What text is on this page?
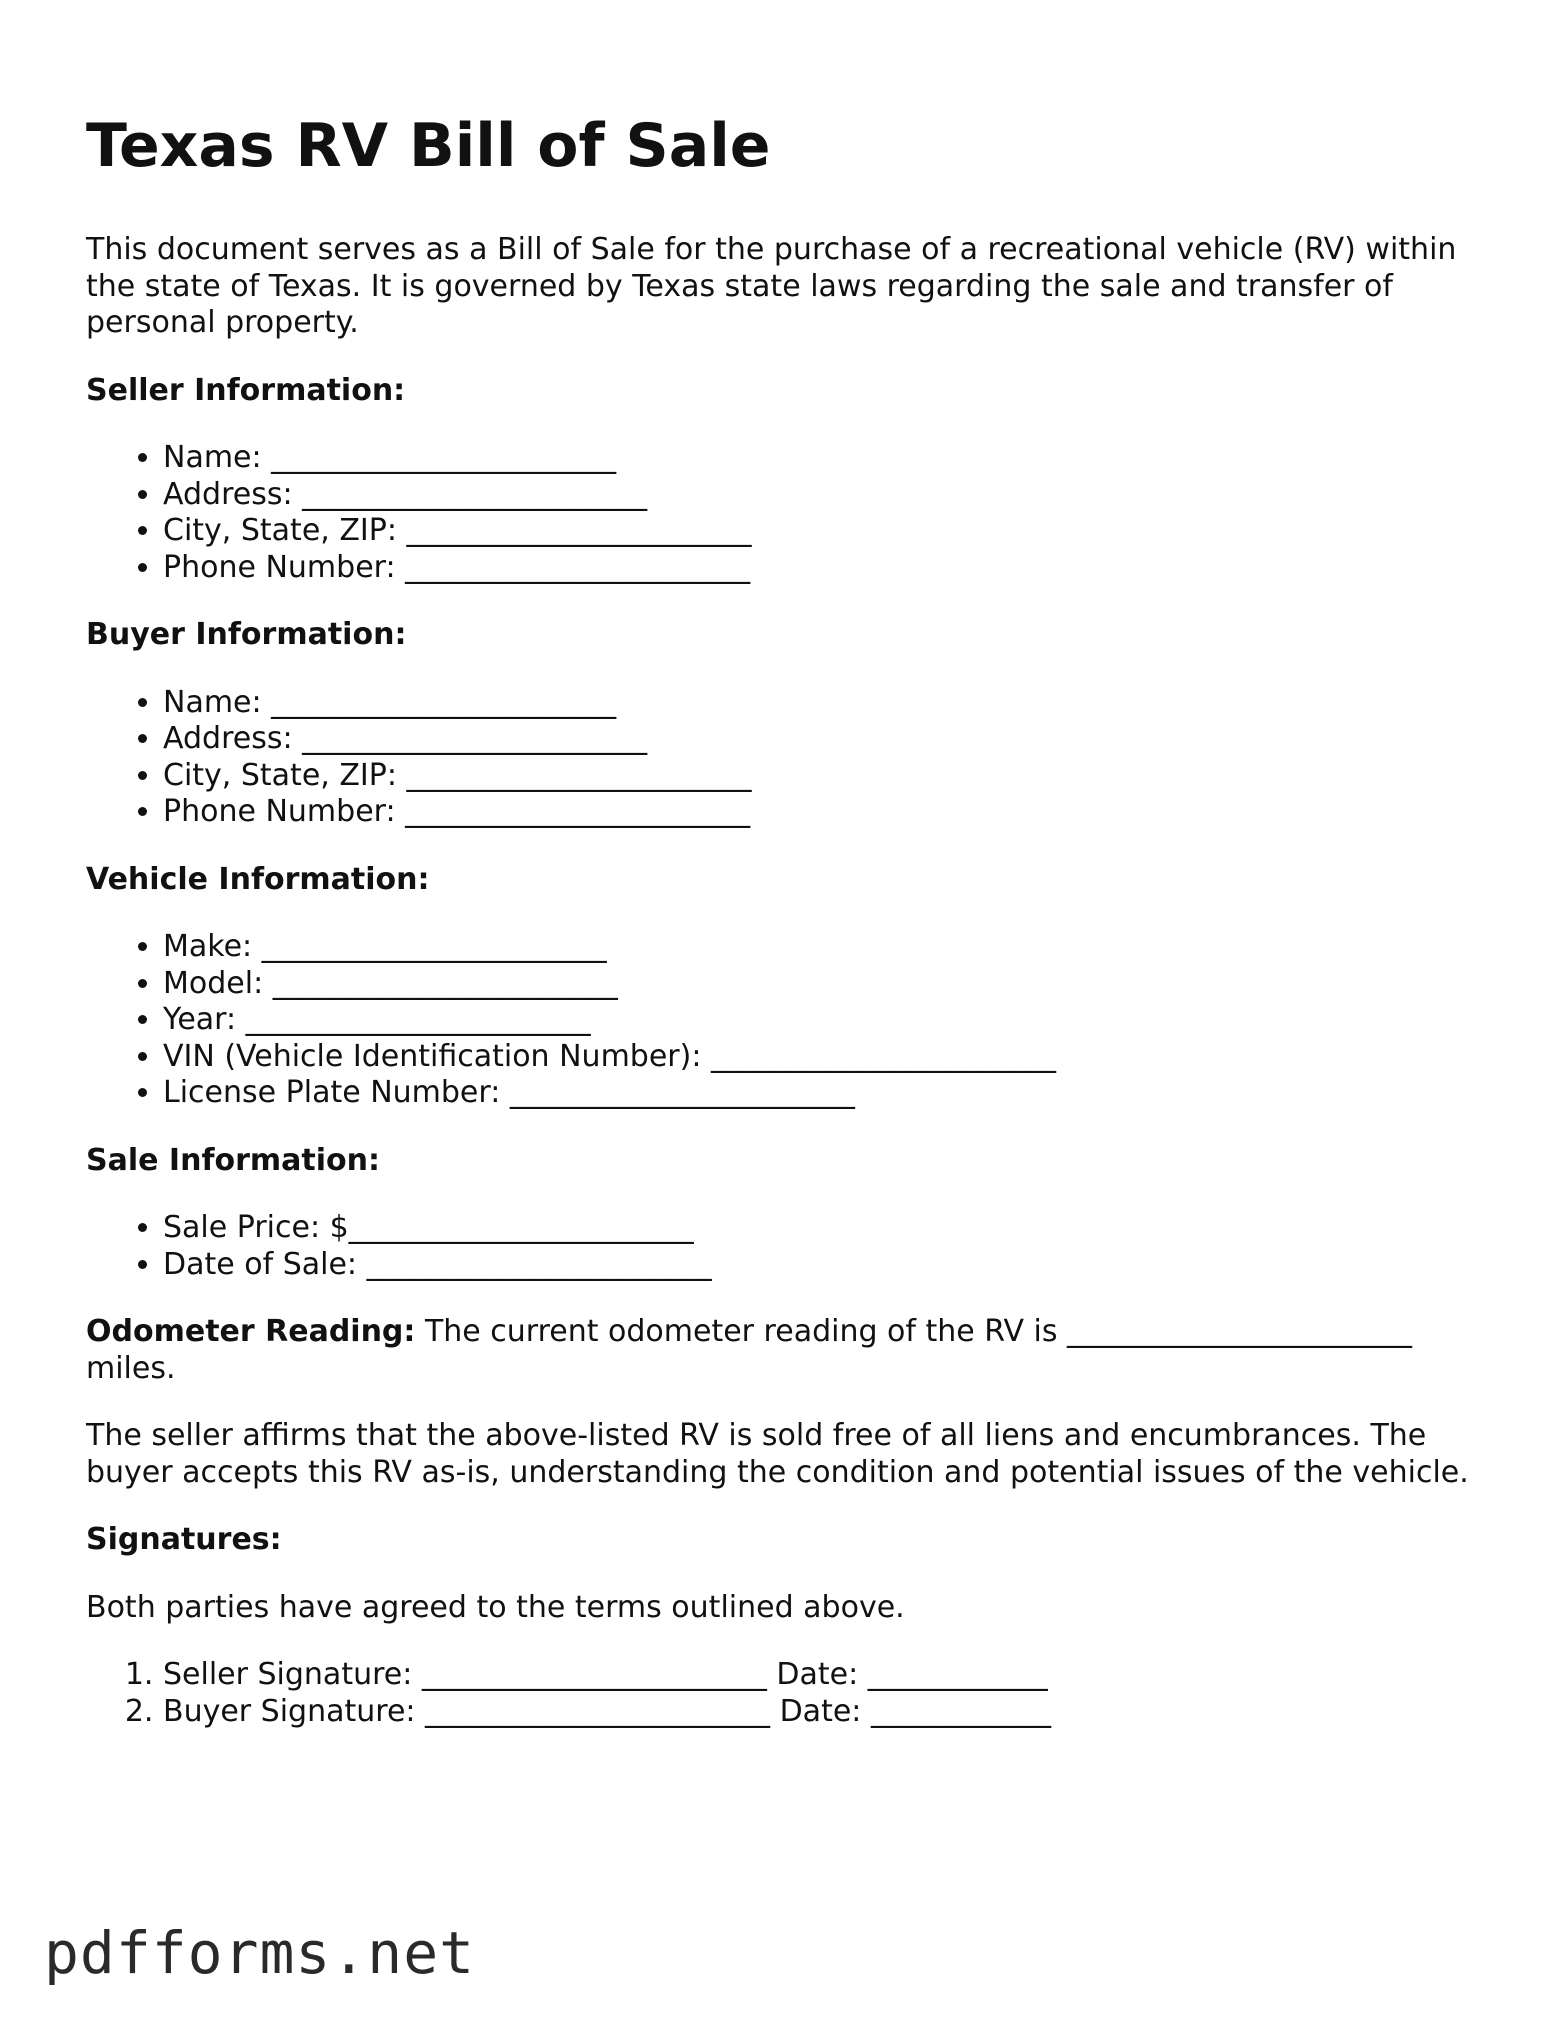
Texas RV Bill of Sale

This document serves as a Bill of Sale for the purchase of a recreational vehicle (RV) within the state of Texas. It is governed by Texas state laws regarding the sale and transfer of personal property.

Seller Information:
• Name: _______________________
• Address: _______________________
• City, State, ZIP: _______________________
• Phone Number: _______________________
Buyer Information:
• Name: _______________________
• Address: _______________________
• City, State, ZIP: _______________________
• Phone Number: _______________________
Vehicle Information:
• Make: _______________________
• Model: _______________________
• Year: _______________________
• VIN (Vehicle Identification Number): _______________________
• License Plate Number: _______________________
Sale Information:
• Sale Price: $_______________________
• Date of Sale: _______________________

Odometer Reading: The current odometer reading of the RV is _______________________ miles.

The seller affirms that the above-listed RV is sold free of all liens and encumbrances. The buyer accepts this RV as-is, understanding the condition and potential issues of the vehicle.

Signatures:

Both parties have agreed to the terms outlined above.

1. Seller Signature: _______________________ Date: ____________
2. Buyer Signature: _______________________ Date: ____________
pdfforms.net
